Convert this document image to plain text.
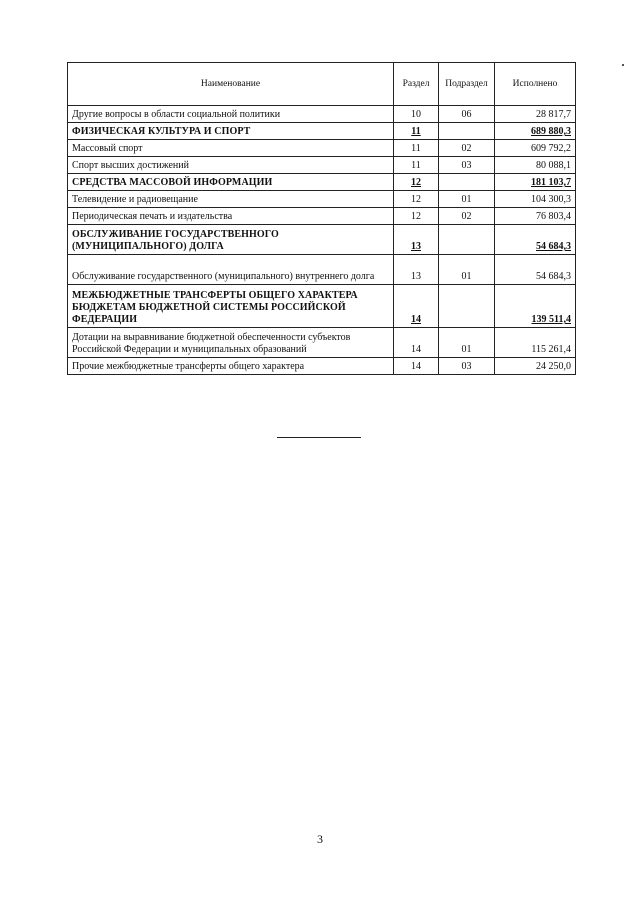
Наименование	Раздел	Подраздел	Исполнено
Другие вопросы в области социальной политики	10	06	28 817,7
ФИЗИЧЕСКАЯ КУЛЬТУРА И СПОРТ	11		689 880,3
Массовый спорт	11	02	609 792,2
Спорт высших достижений	11	03	80 088,1
СРЕДСТВА МАССОВОЙ ИНФОРМАЦИИ	12		181 103,7
Телевидение и радиовещание	12	01	104 300,3
Периодическая печать и издательства	12	02	76 803,4
ОБСЛУЖИВАНИЕ ГОСУДАРСТВЕННОГО (МУНИЦИПАЛЬНОГО) ДОЛГА	13		54 684,3
Обслуживание государственного (муниципального) внутреннего долга	13	01	54 684,3
МЕЖБЮДЖЕТНЫЕ ТРАНСФЕРТЫ ОБЩЕГО ХАРАКТЕРА БЮДЖЕТАМ БЮДЖЕТНОЙ СИСТЕМЫ РОССИЙСКОЙ ФЕДЕРАЦИИ	14		139 511,4
Дотации на выравнивание бюджетной обеспеченности субъектов Российской Федерации и муниципальных образований	14	01	115 261,4
Прочие межбюджетные трансферты общего характера	14	03	24 250,0
3
